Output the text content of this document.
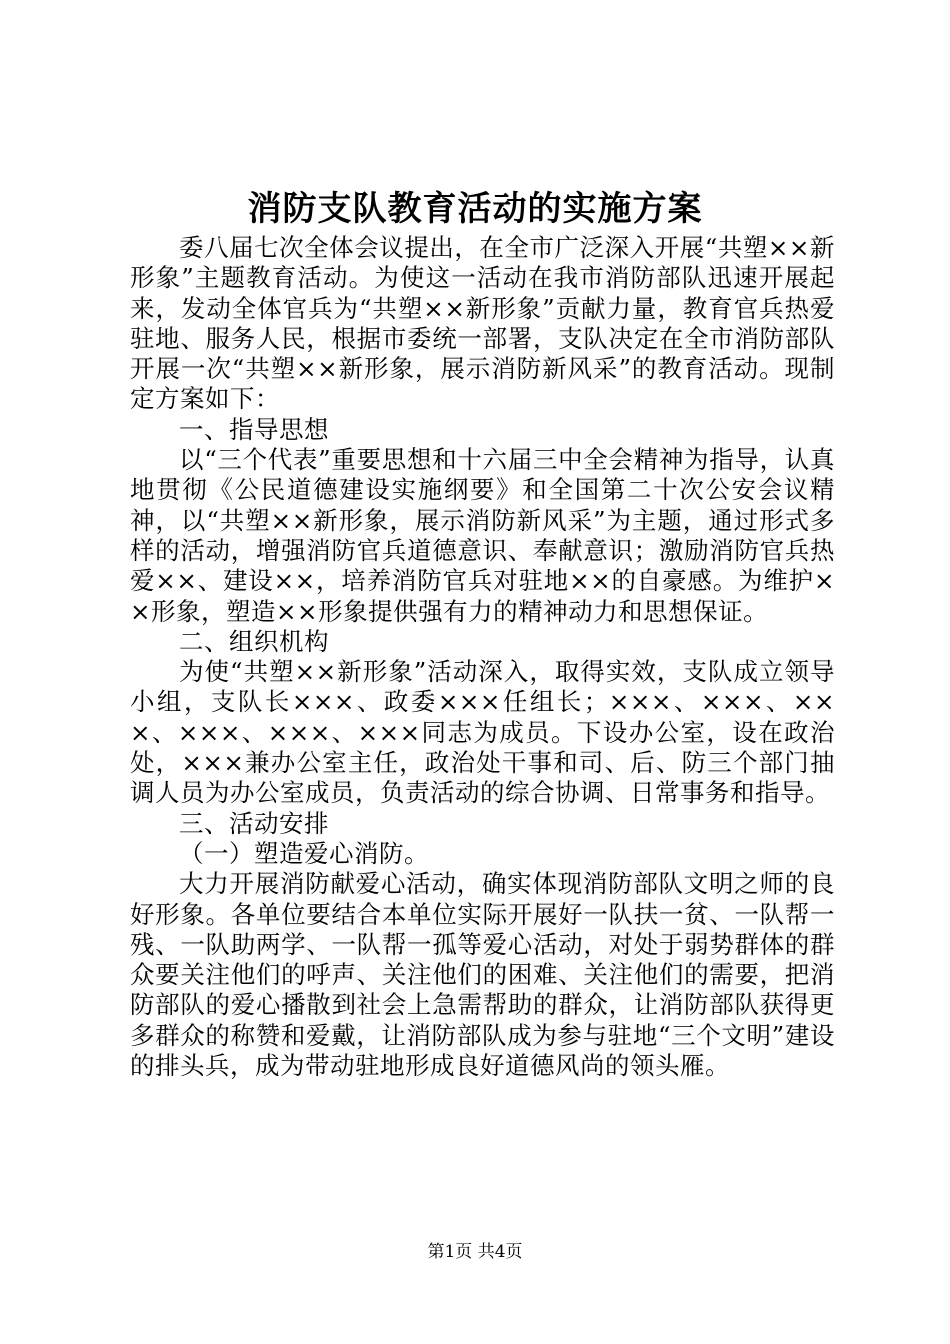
消防支队教育活动的实施方案

委八届七次全体会议提出，在全市广泛深入开展“共塑××新形象”主题教育活动。为使这一活动在我市消防部队迅速开展起来，发动全体官兵为“共塑××新形象”贡献力量，教育官兵热爱驻地、服务人民，根据市委统一部署，支队决定在全市消防部队开展一次“共塑××新形象，展示消防新风采”的教育活动。现制定方案如下：

一、指导思想

以“三个代表”重要思想和十六届三中全会精神为指导，认真地贯彻《公民道德建设实施纲要》和全国第二十次公安会议精神，以“共塑××新形象，展示消防新风采”为主题，通过形式多样的活动，增强消防官兵道德意识、奉献意识；激励消防官兵热爱××、建设××，培养消防官兵对驻地××的自豪感。为维护××形象，塑造××形象提供强有力的精神动力和思想保证。

二、组织机构

为使“共塑××新形象”活动深入，取得实效，支队成立领导小组，支队长×××、政委×××任组长；×××、×××、×××、×××、×××、×××同志为成员。下设办公室，设在政治处，×××兼办公室主任，政治处干事和司、后、防三个部门抽调人员为办公室成员，负责活动的综合协调、日常事务和指导。

三、活动安排

（一）塑造爱心消防。

大力开展消防献爱心活动，确实体现消防部队文明之师的良好形象。各单位要结合本单位实际开展好一队扶一贫、一队帮一残、一队助两学、一队帮一孤等爱心活动，对处于弱势群体的群众要关注他们的呼声、关注他们的困难、关注他们的需要，把消防部队的爱心播散到社会上急需帮助的群众，让消防部队获得更多群众的称赞和爱戴，让消防部队成为参与驻地“三个文明”建设的排头兵，成为带动驻地形成良好道德风尚的领头雁。

第1页 共4页
